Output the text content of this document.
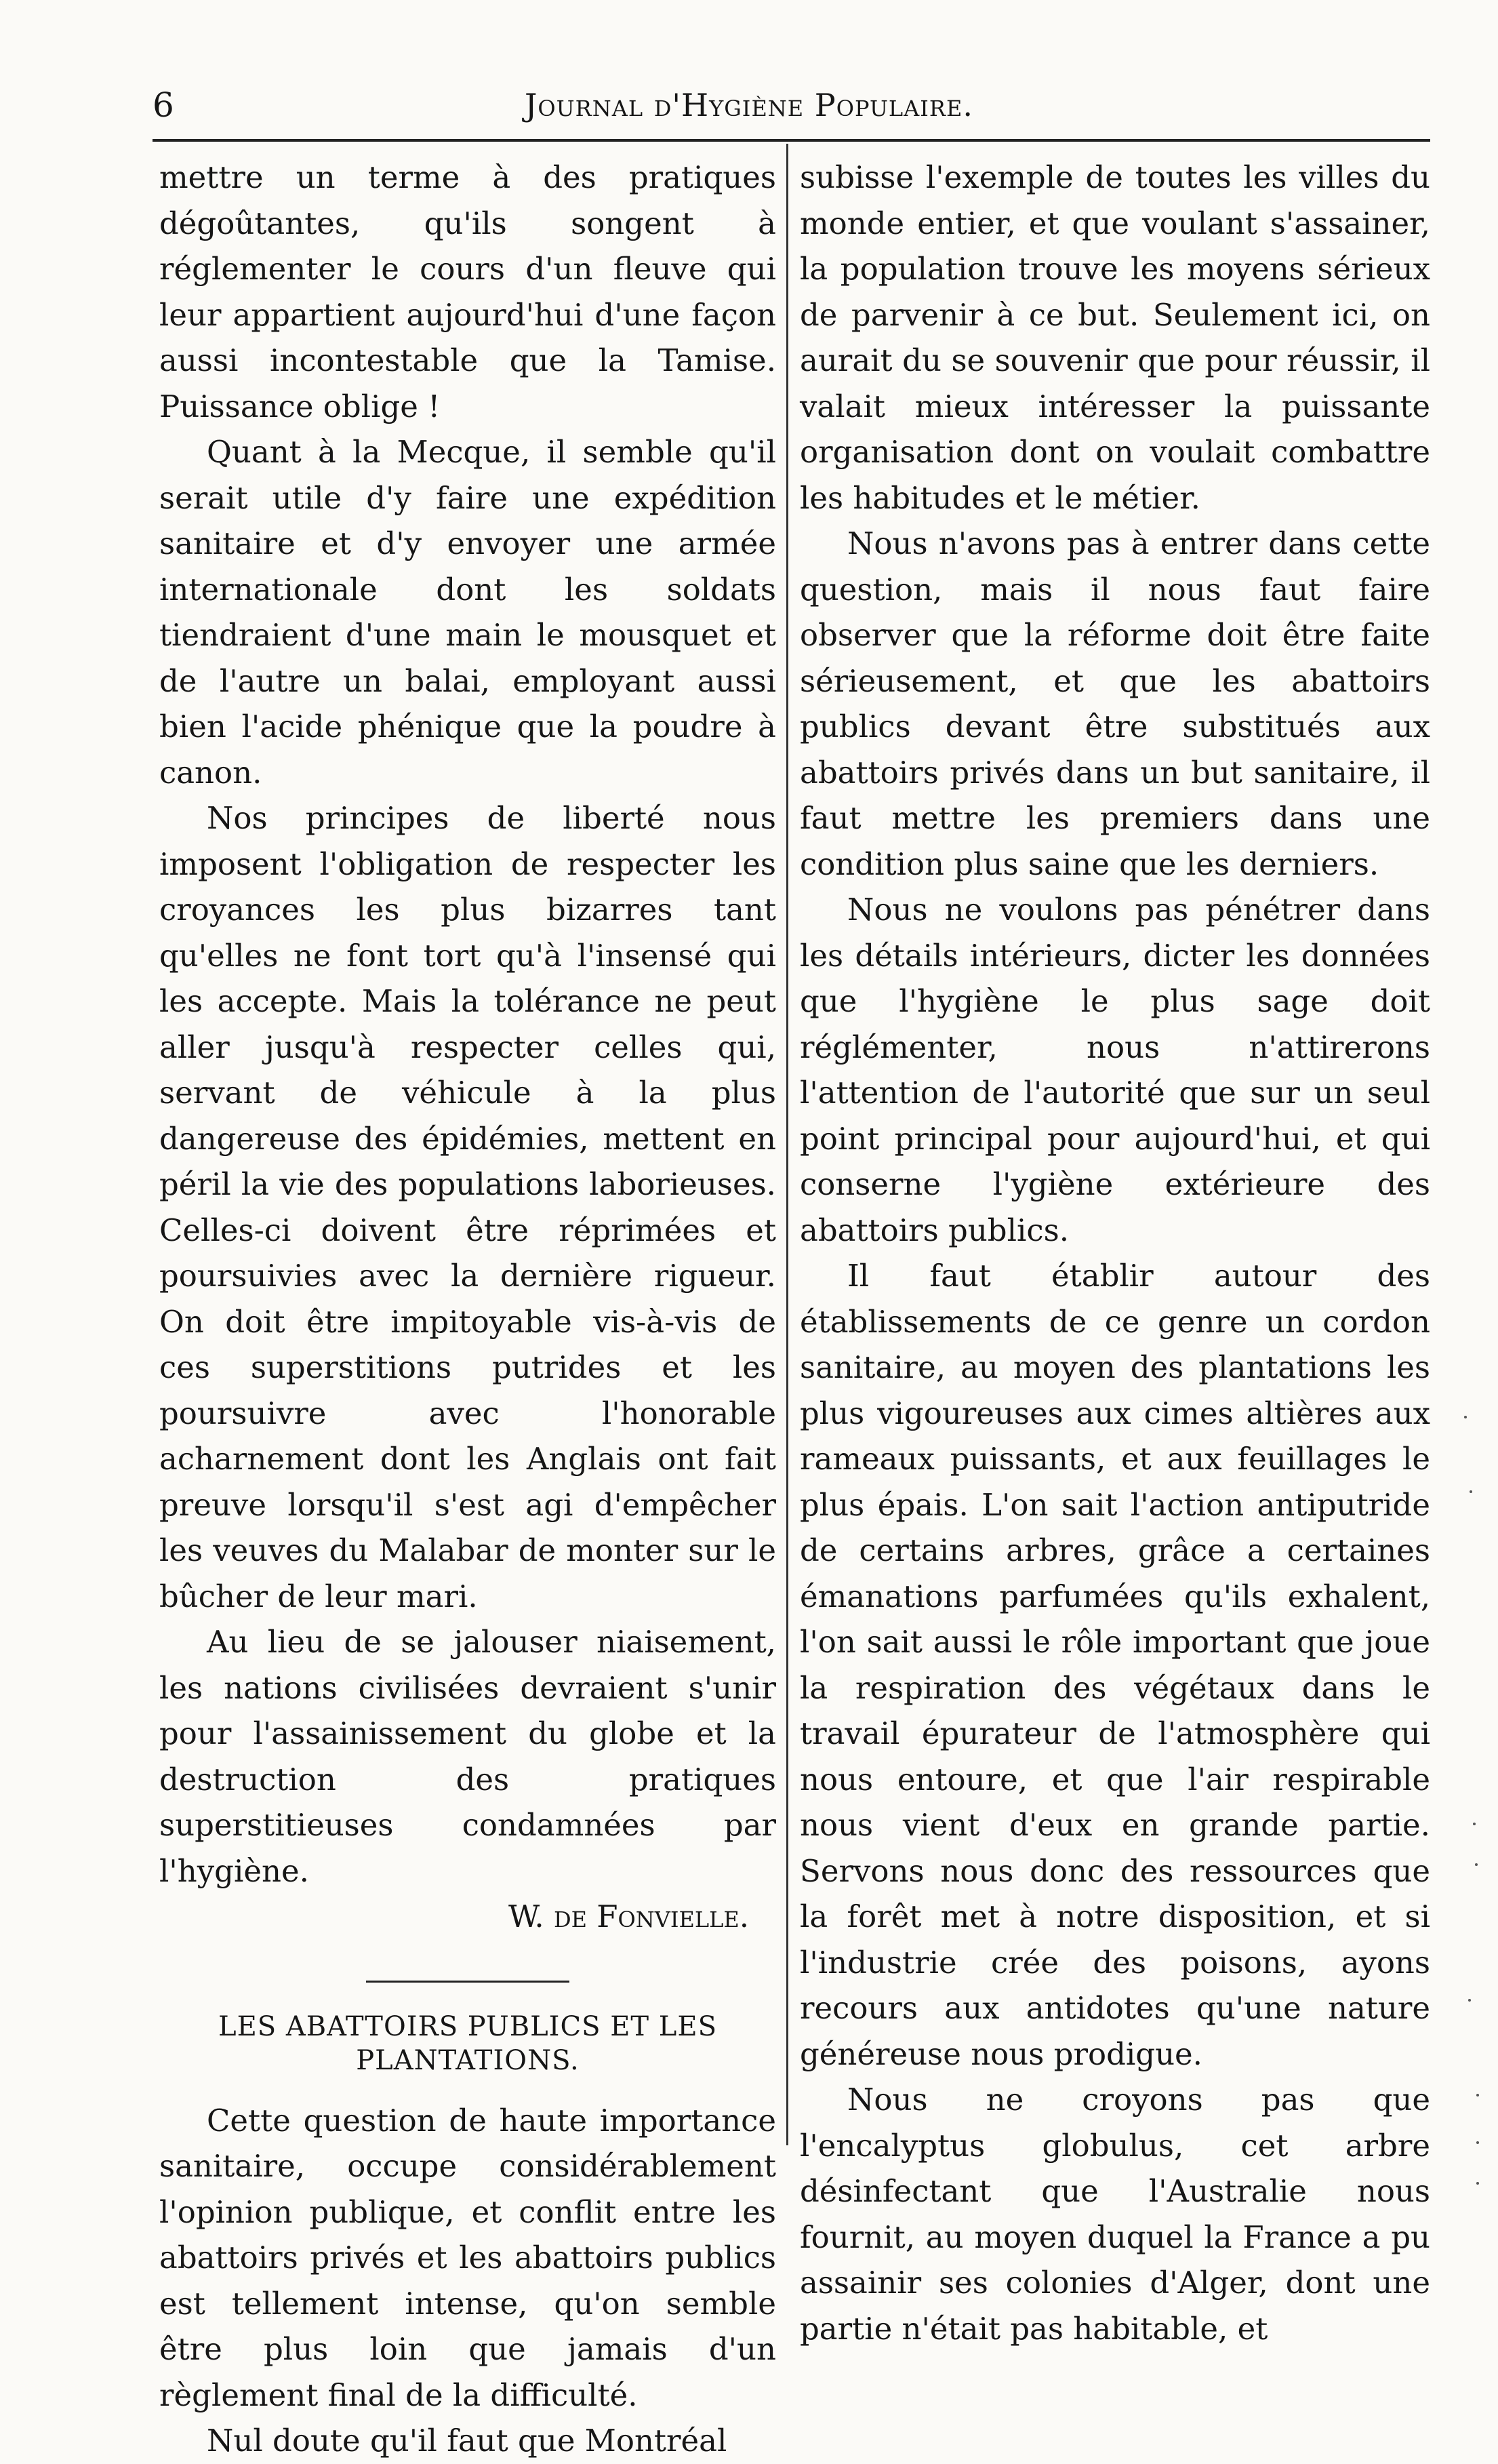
6	Journal d'Hygiène Populaire.

mettre un terme à des pratiques dégoûtantes, qu'ils songent à réglementer le cours d'un fleuve qui leur appartient aujourd'hui d'une façon aussi incontestable que la Tamise. Puissance oblige !

Quant à la Mecque, il semble qu'il serait utile d'y faire une expédition sanitaire et d'y envoyer une armée internationale dont les soldats tiendraient d'une main le mousquet et de l'autre un balai, employant aussi bien l'acide phénique que la poudre à canon.

Nos principes de liberté nous imposent l'obligation de respecter les croyances les plus bizarres tant qu'elles ne font tort qu'à l'insensé qui les accepte. Mais la tolérance ne peut aller jusqu'à respecter celles qui, servant de véhicule à la plus dangereuse des épidémies, mettent en péril la vie des populations laborieuses. Celles-ci doivent être réprimées et poursuivies avec la dernière rigueur. On doit être impitoyable vis-à-vis de ces superstitions putrides et les poursuivre avec l'honorable acharnement dont les Anglais ont fait preuve lorsqu'il s'est agi d'empêcher les veuves du Malabar de monter sur le bûcher de leur mari.

Au lieu de se jalouser niaisement, les nations civilisées devraient s'unir pour l'assainissement du globe et la destruction des pratiques superstitieuses condamnées par l'hygiène.

W. de Fonvielle.
LES ABATTOIRS PUBLICS ET LES PLANTATIONS.

Cette question de haute importance sanitaire, occupe considérablement l'opinion publique, et conflit entre les abattoirs privés et les abattoirs publics est tellement intense, qu'on semble être plus loin que jamais d'un règlement final de la difficulté.

Nul doute qu'il faut que Montréal

subisse l'exemple de toutes les villes du monde entier, et que voulant s'assainer, la population trouve les moyens sérieux de parvenir à ce but. Seulement ici, on aurait du se souvenir que pour réussir, il valait mieux intéresser la puissante organisation dont on voulait combattre les habitudes et le métier.

Nous n'avons pas à entrer dans cette question, mais il nous faut faire observer que la réforme doit être faite sérieusement, et que les abattoirs publics devant être substitués aux abattoirs privés dans un but sanitaire, il faut mettre les premiers dans une condition plus saine que les derniers.

Nous ne voulons pas pénétrer dans les détails intérieurs, dicter les données que l'hygiène le plus sage doit réglémenter, nous n'attirerons l'attention de l'autorité que sur un seul point principal pour aujourd'hui, et qui conserne l'ygiène extérieure des abattoirs publics.

Il faut établir autour des établissements de ce genre un cordon sanitaire, au moyen des plantations les plus vigoureuses aux cimes altières aux rameaux puissants, et aux feuillages le plus épais. L'on sait l'action antiputride de certains arbres, grâce a certaines émanations parfumées qu'ils exhalent, l'on sait aussi le rôle important que joue la respiration des végétaux dans le travail épurateur de l'atmosphère qui nous entoure, et que l'air respirable nous vient d'eux en grande partie. Servons nous donc des ressources que la forêt met à notre disposition, et si l'industrie crée des poisons, ayons recours aux antidotes qu'une nature généreuse nous prodigue.

Nous ne croyons pas que l'encalyptus globulus, cet arbre désinfectant que l'Australie nous fournit, au moyen duquel la France a pu assainir ses colonies d'Alger, dont une partie n'était pas habitable, et
